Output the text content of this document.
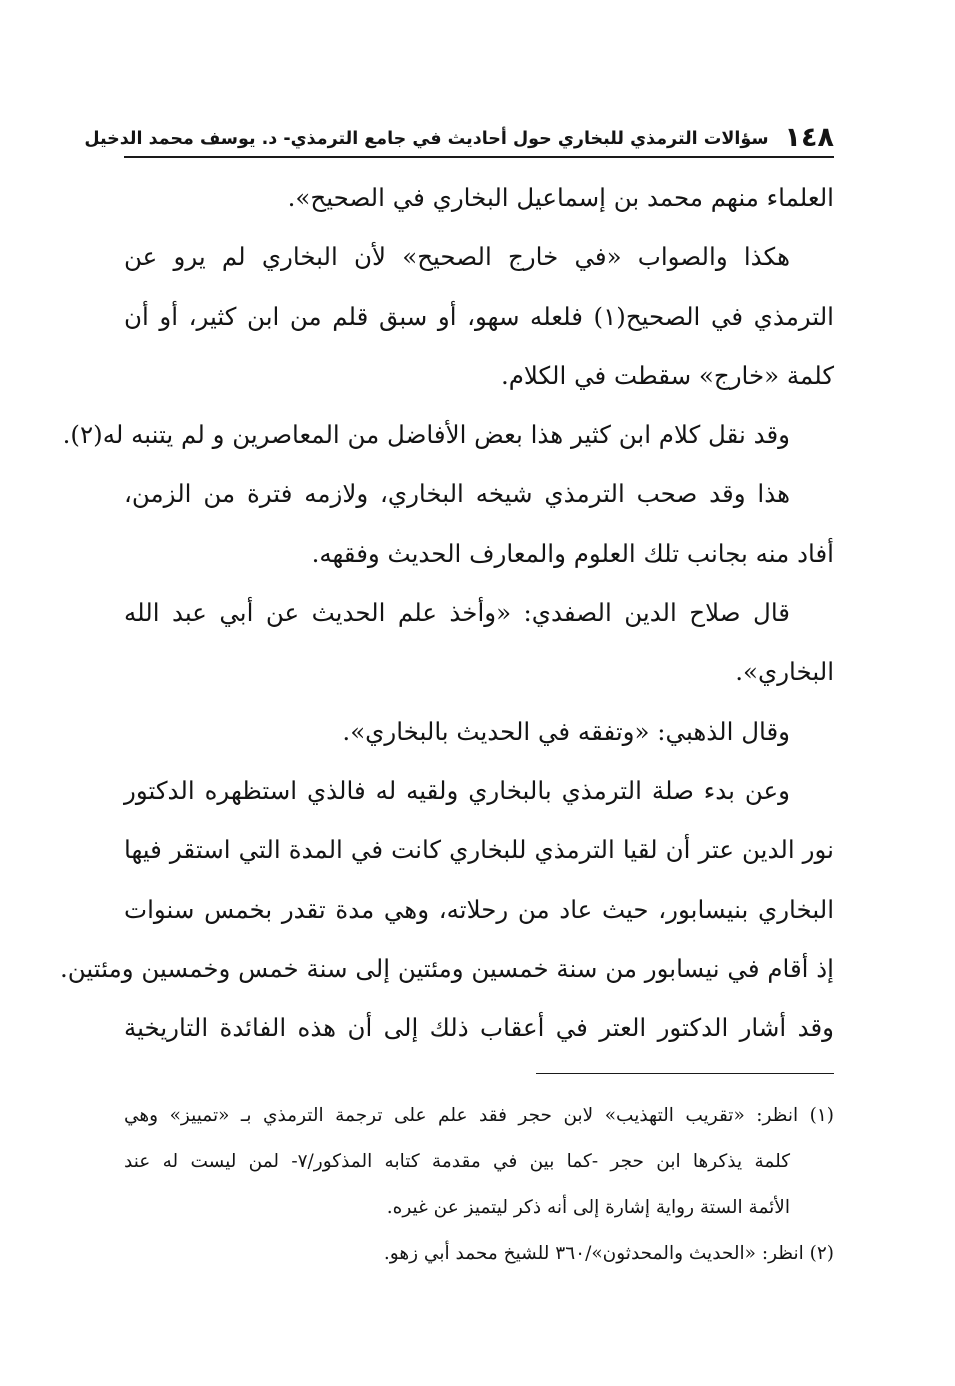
١٤٨
سؤالات الترمذي للبخاري حول أحاديث في جامع الترمذي- د. يوسف محمد الدخيل
العلماء منهم محمد بن إسماعيل البخاري في الصحيح».
هكذا والصواب «في خارج الصحيح» لأن البخاري لم يرو عن
الترمذي في الصحيح(١) فلعله سهو، أو سبق قلم من ابن كثير، أو أن
كلمة «خارج» سقطت في الكلام.
وقد نقل كلام ابن كثير هذا بعض الأفاضل من المعاصرين و لم يتنبه له(٢).
هذا وقد صحب الترمذي شيخه البخاري، ولازمه فترة من الزمن،
أفاد منه بجانب تلك العلوم والمعارف الحديث وفقهه.
قال صلاح الدين الصفدي: «وأخذ علم الحديث عن أبي عبد الله
البخاري».
وقال الذهبي: «وتفقه في الحديث بالبخاري».
وعن بدء صلة الترمذي بالبخاري ولقيه له فالذي استظهره الدكتور
نور الدين عتر أن لقيا الترمذي للبخاري كانت في المدة التي استقر فيها
البخاري بنيسابور، حيث عاد من رحلاته، وهي مدة تقدر بخمس سنوات
إذ أقام في نيسابور من سنة خمسين ومئتين إلى سنة خمس وخمسين ومئتين.
وقد أشار الدكتور العتر في أعقاب ذلك إلى أن هذه الفائدة التاريخية
(١) انظر: «تقريب التهذيب» لابن حجر فقد علم على ترجمة الترمذي بـ «تمييز» وهي
كلمة يذكرها ابن حجر -كما بين في مقدمة كتابه المذكور/٧- لمن ليست له عند
الأئمة الستة رواية إشارة إلى أنه ذكر ليتميز عن غيره.
(٢) انظر: «الحديث والمحدثون»/٣٦٠ للشيخ محمد أبي زهو.
